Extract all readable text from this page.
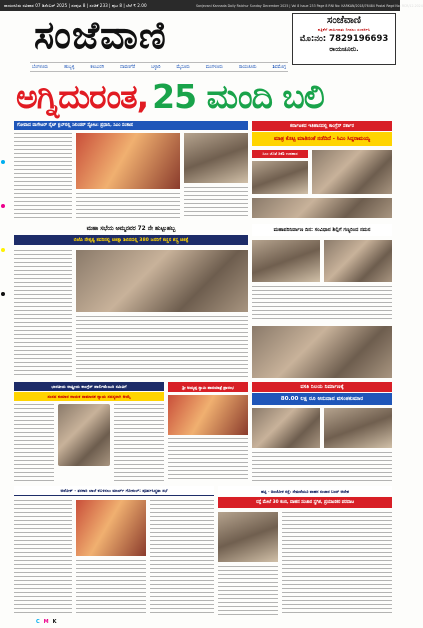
ರಾಯಚೂರು ರವಿವಾರ 07 ಡಿಸೆಂಬರ್ 2025 | ಸಂಪುಟ 8 | ಸಂಚಿಕೆ 233 | ಪುಟ 8 | ಬೆಲೆ ₹ 2.00	Sanjevani Kannada Daily Raichur Sunday December 2025 | Vol 8 Issue 233 Page 8 RNI No: KARKAN/2018/76484 Postal Regd No: RCR/12-2024
ಸಂಜೆವಾಣಿ	ಸಂಜೆವಾಣಿ
ಪತ್ರಿಕೆಗೆ ಜಾಹೀರಾತು ನೀಡಲು ಸಂಪರ್ಕಿಸಿ
ಮೊ:ನಂ: 7829196693
ರಾಯಚೂರು.
ಬೆಂಗಳೂರು	ಹುಬ್ಬಳ್ಳಿ	ಕಲಬುರಗಿ	ದಾವಣಗೆರೆ	ಬಳ್ಳಾರಿ	ಮೈಸೂರು	ಮಂಗಳೂರು	ರಾಯಚೂರು	ಶಿವಮೊಗ್ಗ
ಅಗ್ನಿದುರಂತ, 25 ಮಂದಿ ಬಲಿ
ಗೋವಾದ ವಾಗೇಟರ್ ನೈಟ್ ಕ್ಲಬ್‌ನಲ್ಲಿ ಸಿಲಿಂಡರ್ ಸ್ಫೋಟ: ಪ್ರಧಾನಿ, ಸಿಎಂ ಸಂತಾಪ	ಕರ್ನಾಟಕದ ಇತಿಹಾಸದಲ್ಲಿ ಕಾಂಗ್ರೆಸ್ ಸರ್ಕಾರ
ಮಾತ್ರ ಕೊಟ್ಟ ಮಾತಿನಂತೆ ನಡೆದಿದೆ - ಸಿಎಂ ಸಿದ್ದರಾಮಯ್ಯ
ಸಿಎಂ ಜೊತೆ ಡಿಕೆಶಿ ಉಪಹಾರ
ಮಹಾ ಸಭೆಯ ಅಮ್ಮನವರ 72 ನೇ ಹುಟ್ಟುಹಬ್ಬ
ಬಿಜೆಪಿ ನೇತೃತ್ವ ತವರಿನಲ್ಲಿ ಚಿಕಿತ್ಸಾ ಶಿಬಿರದಲ್ಲಿ 380 ಜನರಿಗೆ ಕಣ್ಣಿನ ಶಸ್ತ್ರ ಚಿಕಿತ್ಸೆ
ಮಹಾಪರಿನಿರ್ವಾಣ ದಿನ: ಸಂವಿಧಾನ ಶಿಲ್ಪಿಗೆ ಗಣ್ಯರಿಂದ ನಮನ
ಭಾರತೀಯ ರಾಷ್ಟ್ರೀಯ ಕಾಂಗ್ರೆಸ್ ಪಾರ್ಲಿಮೆಂಟರಿ ಸಮಿತಿಗೆ
ಸಂಸದ ಕುಮಾರ ನಾಯಕ ಸಾಮಾಜಿಕ ನ್ಯಾಯ ಸದಸ್ಯರಾಗಿ ಆಯ್ಕೆ
ಶ್ರೀ ಅಯ್ಯಪ್ಪ ಸ್ವಾಮಿ ಪಾದಯಾತ್ರೆ ಪ್ರಾರಂಭ	ವಸತಿ ನಿಲಯ ನಿರ್ಮಾಣಕ್ಕೆ
80.00 ಲಕ್ಷ ರೂ ಅನುದಾನ ವಸಂತಕುಮಾರ
ಅಶೋಕ್ - ತರಕಾರಿ ಚಾಲೆ ಕಬಳಿಸಲು ಮಾರ್ಚ್ ಗೋಕುಲ್: ಪೂರ್ವಸಿದ್ಧತಾ ಸಭೆ	ಹಟ್ಟಿ - ಚಿಂಚೋಳಿ ರಸ್ತೆ: ಸೇತುವೆಯೂ ವಾಹನ ಸಂಚಾರ ಬಂದ್ ಆದೇಶ
ರಸ್ತೆ ಮೇಲೆ 30 ಕಂಬಿ, ವಾಹನ ಸಂಚಾರ ಸ್ಥಗಿತ, ಪ್ರಯಾಣಿಕರ ಪರದಾಟ
C M K
